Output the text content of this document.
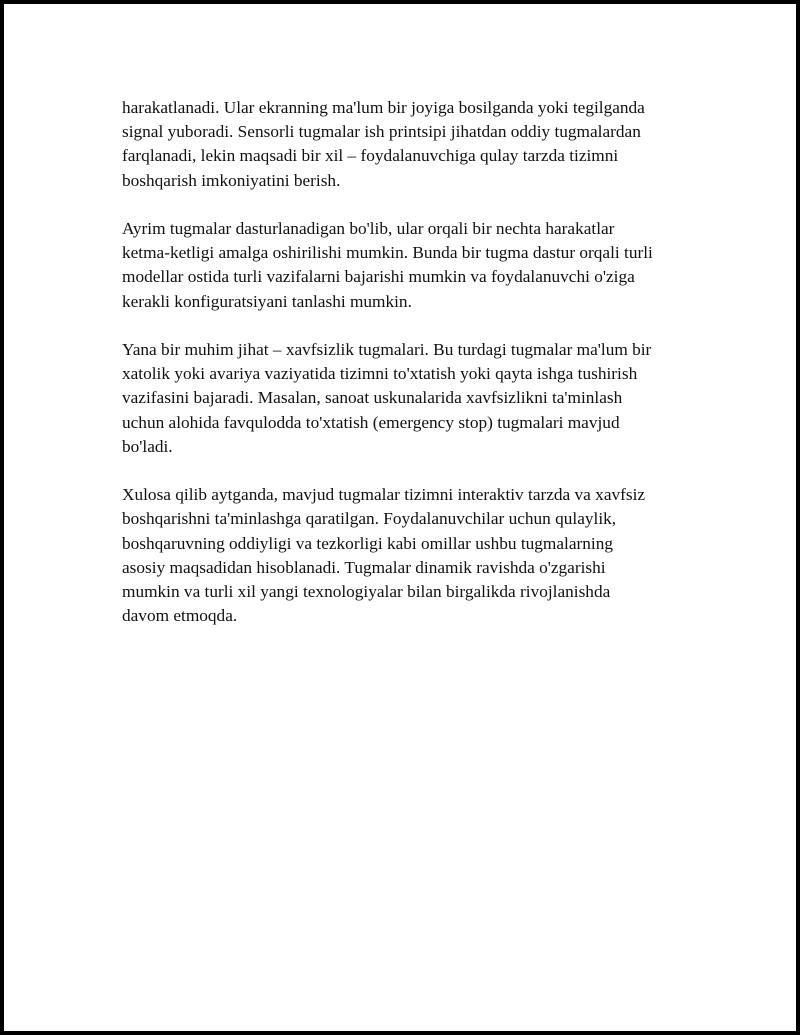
harakatlanadi. Ular ekranning ma'lum bir joyiga bosilganda yoki tegilganda
signal yuboradi. Sensorli tugmalar ish printsipi jihatdan oddiy tugmalardan
farqlanadi, lekin maqsadi bir xil – foydalanuvchiga qulay tarzda tizimni
boshqarish imkoniyatini berish.

Ayrim tugmalar dasturlanadigan bo'lib, ular orqali bir nechta harakatlar
ketma-ketligi amalga oshirilishi mumkin. Bunda bir tugma dastur orqali turli
modellar ostida turli vazifalarni bajarishi mumkin va foydalanuvchi o'ziga
kerakli konfiguratsiyani tanlashi mumkin.

Yana bir muhim jihat – xavfsizlik tugmalari. Bu turdagi tugmalar ma'lum bir
xatolik yoki avariya vaziyatida tizimni to'xtatish yoki qayta ishga tushirish
vazifasini bajaradi. Masalan, sanoat uskunalarida xavfsizlikni ta'minlash
uchun alohida favqulodda to'xtatish (emergency stop) tugmalari mavjud
bo'ladi.

Xulosa qilib aytganda, mavjud tugmalar tizimni interaktiv tarzda va xavfsiz
boshqarishni ta'minlashga qaratilgan. Foydalanuvchilar uchun qulaylik,
boshqaruvning oddiyligi va tezkorligi kabi omillar ushbu tugmalarning
asosiy maqsadidan hisoblanadi. Tugmalar dinamik ravishda o'zgarishi
mumkin va turli xil yangi texnologiyalar bilan birgalikda rivojlanishda
davom etmoqda.
